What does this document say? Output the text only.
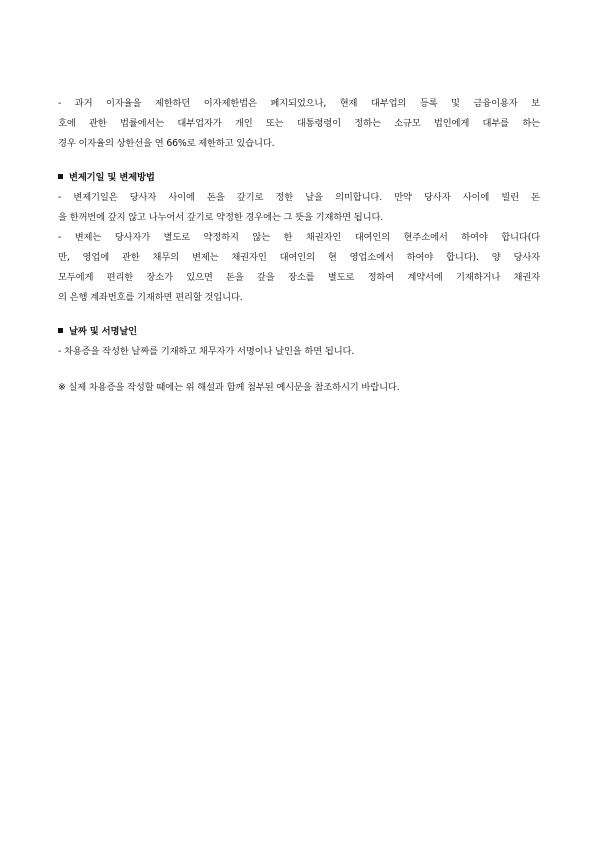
- 과거 이자율을 제한하던 이자제한법은 폐지되었으나, 현재 대부업의 등록 및 금융이용자 보
호에 관한 법률에서는 대부업자가 개인 또는 대통령령이 정하는 소규모 법인에게 대부를 하는
경우 이자율의 상한선을 연 66%로 제한하고 있습니다.
변제기일 및 변제방법
- 변제기일은 당사자 사이에 돈을 갚기로 정한 날을 의미합니다. 만약 당사자 사이에 빌린 돈
을 한꺼번에 갚지 않고 나누어서 갚기로 약정한 경우에는 그 뜻을 기재하면 됩니다.
- 변제는 당사자가 별도로 약정하지 않는 한 채권자인 대여인의 현주소에서 하여야 합니다(다
만, 영업에 관한 채무의 변제는 채권자인 대여인의 현 영업소에서 하여야 합니다). 양 당사자
모두에게 편리한 장소가 있으면 돈을 갚을 장소를 별도로 정하여 계약서에 기재하거나 채권자
의 은행 계좌번호를 기재하면 편리할 것입니다.
날짜 및 서명날인
- 차용증을 작성한 날짜를 기재하고 채무자가 서명이나 날인을 하면 됩니다.
※ 실제 차용증을 작성할 때에는 위 해설과 함께 첨부된 예시문을 참조하시기 바랍니다.
